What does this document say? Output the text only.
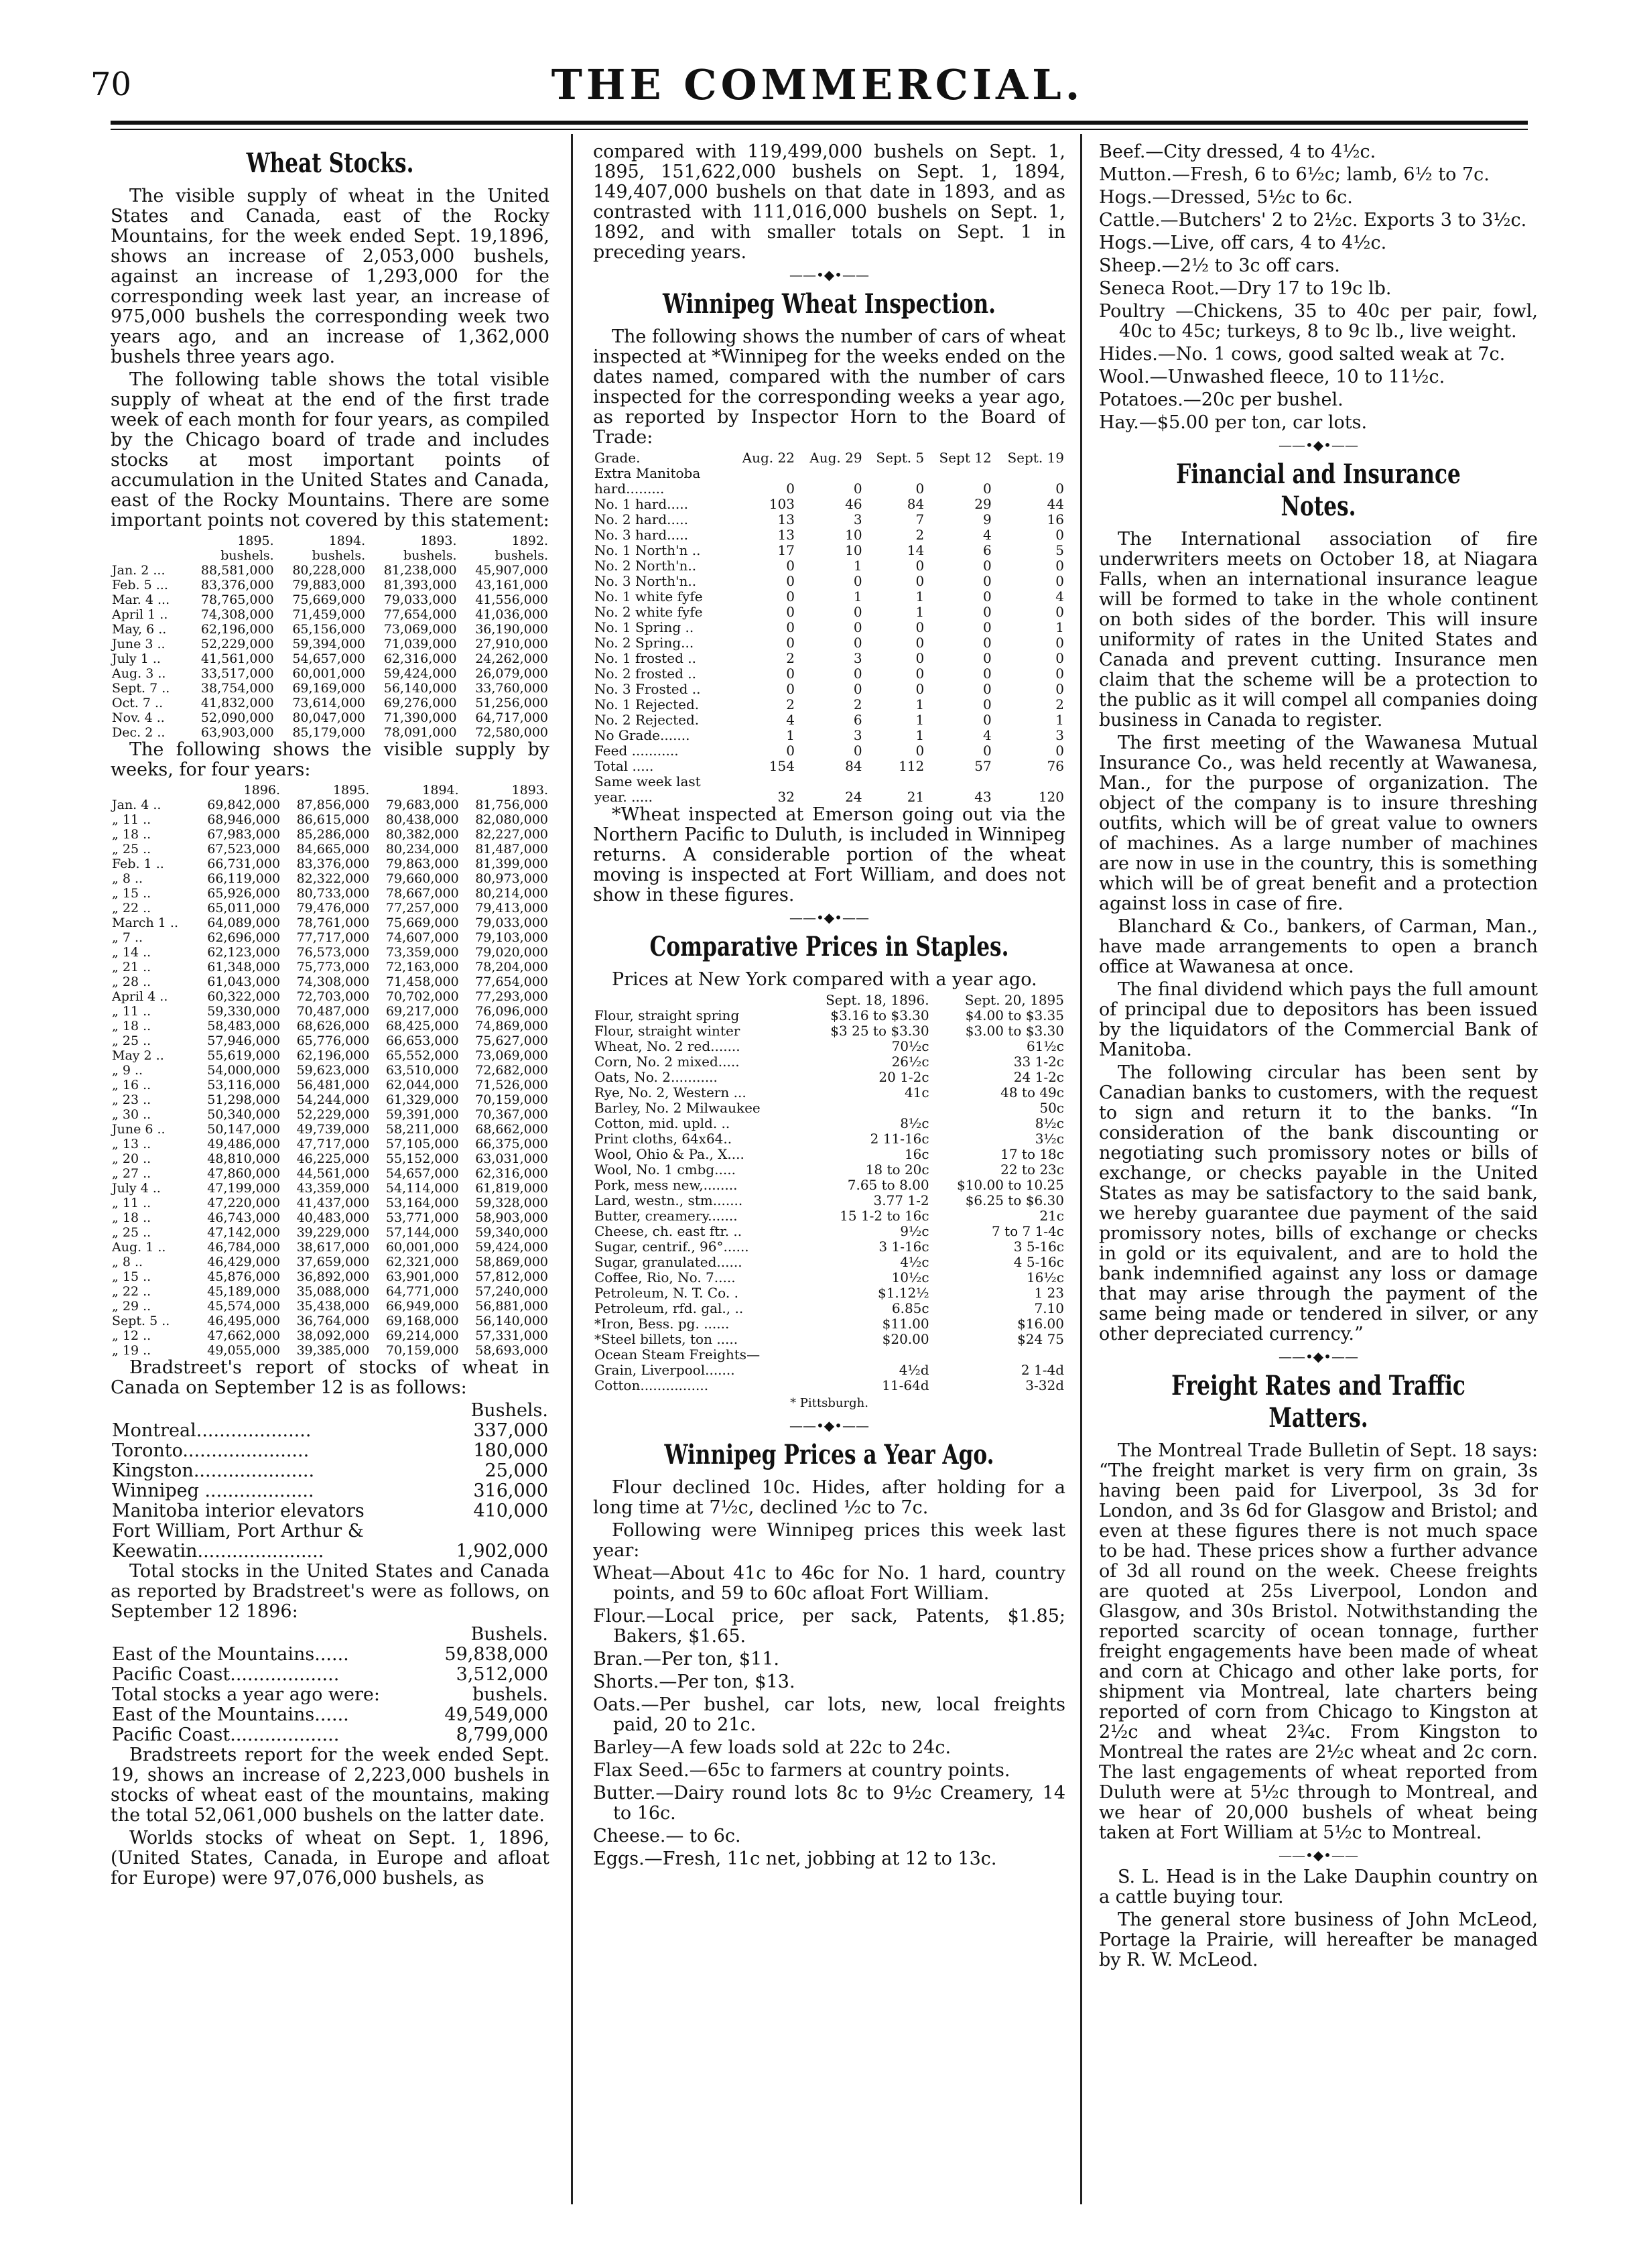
70	THE COMMERCIAL.
Wheat Stocks.

The visible supply of wheat in the United States and Canada, east of the Rocky Mountains, for the week ended Sept. 19,1896, shows an increase of 2,053,000 bushels, against an increase of 1,293,000 for the corresponding week last year, an increase of 975,000 bushels the corresponding week two years ago, and an increase of 1,362,000 bushels three years ago.

The following table shows the total visible supply of wheat at the end of the first trade week of each month for four years, as compiled by the Chicago board of trade and includes stocks at most important points of accumulation in the United States and Canada, east of the Rocky Mountains. There are some important points not covered by this statement:

	1895.	1894.	1893.	1892.
	bushels.	bushels.	bushels.	bushels.
Jan. 2 ...	88,581,000	80,228,000	81,238,000	45,907,000
Feb. 5 ...	83,376,000	79,883,000	81,393,000	43,161,000
Mar. 4 ...	78,765,000	75,669,000	79,033,000	41,556,000
April 1 ..	74,308,000	71,459,000	77,654,000	41,036,000
May, 6 ..	62,196,000	65,156,000	73,069,000	36,190,000
June 3 ..	52,229,000	59,394,000	71,039,000	27,910,000
July 1 ..	41,561,000	54,657,000	62,316,000	24,262,000
Aug. 3 ..	33,517,000	60,001,000	59,424,000	26,079,000
Sept. 7 ..	38,754,000	69,169,000	56,140,000	33,760,000
Oct. 7 ..	41,832,000	73,614,000	69,276,000	51,256,000
Nov. 4 ..	52,090,000	80,047,000	71,390,000	64,717,000
Dec. 2 ..	63,903,000	85,179,000	78,091,000	72,580,000

The following shows the visible supply by weeks, for four years:

	1896.	1895.	1894.	1893.
Jan. 4 ..	69,842,000	87,856,000	79,683,000	81,756,000
„ 11 ..	68,946,000	86,615,000	80,438,000	82,080,000
„ 18 ..	67,983,000	85,286,000	80,382,000	82,227,000
„ 25 ..	67,523,000	84,665,000	80,234,000	81,487,000
Feb. 1 ..	66,731,000	83,376,000	79,863,000	81,399,000
„ 8 ..	66,119,000	82,322,000	79,660,000	80,973,000
„ 15 ..	65,926,000	80,733,000	78,667,000	80,214,000
„ 22 ..	65,011,000	79,476,000	77,257,000	79,413,000
March 1 ..	64,089,000	78,761,000	75,669,000	79,033,000
„ 7 ..	62,696,000	77,717,000	74,607,000	79,103,000
„ 14 ..	62,123,000	76,573,000	73,359,000	79,020,000
„ 21 ..	61,348,000	75,773,000	72,163,000	78,204,000
„ 28 ..	61,043,000	74,308,000	71,458,000	77,654,000
April 4 ..	60,322,000	72,703,000	70,702,000	77,293,000
„ 11 ..	59,330,000	70,487,000	69,217,000	76,096,000
„ 18 ..	58,483,000	68,626,000	68,425,000	74,869,000
„ 25 ..	57,946,000	65,776,000	66,653,000	75,627,000
May 2 ..	55,619,000	62,196,000	65,552,000	73,069,000
„ 9 ..	54,000,000	59,623,000	63,510,000	72,682,000
„ 16 ..	53,116,000	56,481,000	62,044,000	71,526,000
„ 23 ..	51,298,000	54,244,000	61,329,000	70,159,000
„ 30 ..	50,340,000	52,229,000	59,391,000	70,367,000
June 6 ..	50,147,000	49,739,000	58,211,000	68,662,000
„ 13 ..	49,486,000	47,717,000	57,105,000	66,375,000
„ 20 ..	48,810,000	46,225,000	55,152,000	63,031,000
„ 27 ..	47,860,000	44,561,000	54,657,000	62,316,000
July 4 ..	47,199,000	43,359,000	54,114,000	61,819,000
„ 11 ..	47,220,000	41,437,000	53,164,000	59,328,000
„ 18 ..	46,743,000	40,483,000	53,771,000	58,903,000
„ 25 ..	47,142,000	39,229,000	57,144,000	59,340,000
Aug. 1 ..	46,784,000	38,617,000	60,001,000	59,424,000
„ 8 ..	46,429,000	37,659,000	62,321,000	58,869,000
„ 15 ..	45,876,000	36,892,000	63,901,000	57,812,000
„ 22 ..	45,189,000	35,088,000	64,771,000	57,240,000
„ 29 ..	45,574,000	35,438,000	66,949,000	56,881,000
Sept. 5 ..	46,495,000	36,764,000	69,168,000	56,140,000
„ 12 ..	47,662,000	38,092,000	69,214,000	57,331,000
„ 19 ..	49,055,000	39,385,000	70,159,000	58,693,000

Bradstreet's report of stocks of wheat in Canada on September 12 is as follows:

	Bushels.
Montreal....................	337,000
Toronto......................	180,000
Kingston.....................	25,000
Winnipeg ...................	316,000
Manitoba interior elevators	410,000
Fort William, Port Arthur &	
Keewatin......................	1,902,000

Total stocks in the United States and Canada as reported by Bradstreet's were as follows, on September 12 1896:

	Bushels.
East of the Mountains......	59,838,000
Pacific Coast...................	3,512,000
Total stocks a year ago were:	bushels.
East of the Mountains......	49,549,000
Pacific Coast...................	8,799,000

Bradstreets report for the week ended Sept. 19, shows an increase of 2,223,000 bushels in stocks of wheat east of the mountains, making the total 52,061,000 bushels on the latter date.

Worlds stocks of wheat on Sept. 1, 1896, (United States, Canada, in Europe and afloat for Europe) were 97,076,000 bushels, as

compared with 119,499,000 bushels on Sept. 1, 1895, 151,622,000 bushels on Sept. 1, 1894, 149,407,000 bushels on that date in 1893, and as contrasted with 111,016,000 bushels on Sept. 1, 1892, and with smaller totals on Sept. 1 in preceding years.

——•◆•——
Winnipeg Wheat Inspection.

The following shows the number of cars of wheat inspected at *Winnipeg for the weeks ended on the dates named, compared with the number of cars inspected for the corresponding weeks a year ago, as reported by Inspector Horn to the Board of Trade:

Grade.	Aug. 22	Aug. 29	Sept. 5	Sept 12	Sept. 19
Extra Manitoba					
hard.........	0	0	0	0	0
No. 1 hard.....	103	46	84	29	44
No. 2 hard.....	13	3	7	9	16
No. 3 hard.....	13	10	2	4	0
No. 1 North'n ..	17	10	14	6	5
No. 2 North'n..	0	1	0	0	0
No. 3 North'n..	0	0	0	0	0
No. 1 white fyfe	0	1	1	0	4
No. 2 white fyfe	0	0	1	0	0
No. 1 Spring ..	0	0	0	0	1
No. 2 Spring...	0	0	0	0	0
No. 1 frosted ..	2	3	0	0	0
No. 2 frosted ..	0	0	0	0	0
No. 3 Frosted ..	0	0	0	0	0
No. 1 Rejected.	2	2	1	0	2
No. 2 Rejected.	4	6	1	0	1
No Grade.......	1	3	1	4	3
Feed ...........	0	0	0	0	0
Total .....	154	84	112	57	76
Same week last					
year. .....	32	24	21	43	120

*Wheat inspected at Emerson going out via the Northern Pacific to Duluth, is included in Winnipeg returns. A considerable portion of the wheat moving is inspected at Fort William, and does not show in these figures.

——•◆•——
Comparative Prices in Staples.

Prices at New York compared with a year ago.

	Sept. 18, 1896.	Sept. 20, 1895
Flour, straight spring	$3.16 to $3.30	$4.00 to $3.35
Flour, straight winter	$3 25 to $3.30	$3.00 to $3.30
Wheat, No. 2 red.......	70½c	61½c
Corn, No. 2 mixed.....	26½c	33 1-2c
Oats, No. 2...........	20 1-2c	24 1-2c
Rye, No. 2, Western ...	41c	48 to 49c
Barley, No. 2 Milwaukee		50c
Cotton, mid. upld. ..	8½c	8½c
Print cloths, 64x64..	2 11-16c	3½c
Wool, Ohio & Pa., X....	16c	17 to 18c
Wool, No. 1 cmbg.....	18 to 20c	22 to 23c
Pork, mess new,........	7.65 to 8.00	$10.00 to 10.25
Lard, westn., stm.......	3.77 1-2	$6.25 to $6.30
Butter, creamery.......	15 1-2 to 16c	21c
Cheese, ch. east ftr. ..	9½c	7 to 7 1-4c
Sugar, centrif., 96°......	3 1-16c	3 5-16c
Sugar, granulated......	4½c	4 5-16c
Coffee, Rio, No. 7.....	10½c	16½c
Petroleum, N. T. Co. .	$1.12½	1 23
Petroleum, rfd. gal., ..	6.85c	7.10
*Iron, Bess. pg. ......	$11.00	$16.00
*Steel billets, ton .....	$20.00	$24 75
Ocean Steam Freights—		
Grain, Liverpool.......	4½d	2 1-4d
Cotton................	11-64d	3-32d
* Pittsburgh.
——•◆•——
Winnipeg Prices a Year Ago.

Flour declined 10c. Hides, after holding for a long time at 7½c, declined ½c to 7c.

Following were Winnipeg prices this week last year:

Wheat—About 41c to 46c for No. 1 hard, country points, and 59 to 60c afloat Fort William.

Flour.—Local price, per sack, Patents, $1.85; Bakers, $1.65.

Bran.—Per ton, $11.

Shorts.—Per ton, $13.

Oats.—Per bushel, car lots, new, local freights paid, 20 to 21c.

Barley—A few loads sold at 22c to 24c.

Flax Seed.—65c to farmers at country points.

Butter.—Dairy round lots 8c to 9½c Creamery, 14 to 16c.

Cheese.— to 6c.

Eggs.—Fresh, 11c net, jobbing at 12 to 13c.

Beef.—City dressed, 4 to 4½c.

Mutton.—Fresh, 6 to 6½c; lamb, 6½ to 7c.

Hogs.—Dressed, 5½c to 6c.

Cattle.—Butchers' 2 to 2½c. Exports 3 to 3½c.

Hogs.—Live, off cars, 4 to 4½c.

Sheep.—2½ to 3c off cars.

Seneca Root.—Dry 17 to 19c lb.

Poultry —Chickens, 35 to 40c per pair, fowl, 40c to 45c; turkeys, 8 to 9c lb., live weight.

Hides.—No. 1 cows, good salted weak at 7c.

Wool.—Unwashed fleece, 10 to 11½c.

Potatoes.—20c per bushel.

Hay.—$5.00 per ton, car lots.

——•◆•——
Financial and Insurance Notes.

The International association of fire underwriters meets on October 18, at Niagara Falls, when an international insurance league will be formed to take in the whole continent on both sides of the border. This will insure uniformity of rates in the United States and Canada and prevent cutting. Insurance men claim that the scheme will be a protection to the public as it will compel all companies doing business in Canada to register.

The first meeting of the Wawanesa Mutual Insurance Co., was held recently at Wawanesa, Man., for the purpose of organization. The object of the company is to insure threshing outfits, which will be of great value to owners of machines. As a large number of machines are now in use in the country, this is something which will be of great benefit and a protection against loss in case of fire.

Blanchard & Co., bankers, of Carman, Man., have made arrangements to open a branch office at Wawanesa at once.

The final dividend which pays the full amount of principal due to depositors has been issued by the liquidators of the Commercial Bank of Manitoba.

The following circular has been sent by Canadian banks to customers, with the request to sign and return it to the banks. “In consideration of the bank discounting or negotiating such promissory notes or bills of exchange, or checks payable in the United States as may be satisfactory to the said bank, we hereby guarantee due payment of the said promissory notes, bills of exchange or checks in gold or its equivalent, and are to hold the bank indemnified against any loss or damage that may arise through the payment of the same being made or tendered in silver, or any other depreciated currency.”

——•◆•——
Freight Rates and Traffic Matters.

The Montreal Trade Bulletin of Sept. 18 says: “The freight market is very firm on grain, 3s having been paid for Liverpool, 3s 3d for London, and 3s 6d for Glasgow and Bristol; and even at these figures there is not much space to be had. These prices show a further advance of 3d all round on the week. Cheese freights are quoted at 25s Liverpool, London and Glasgow, and 30s Bristol. Notwithstanding the reported scarcity of ocean tonnage, further freight engagements have been made of wheat and corn at Chicago and other lake ports, for shipment via Montreal, late charters being reported of corn from Chicago to Kingston at 2½c and wheat 2¾c. From Kingston to Montreal the rates are 2½c wheat and 2c corn. The last engagements of wheat reported from Duluth were at 5½c through to Montreal, and we hear of 20,000 bushels of wheat being taken at Fort William at 5½c to Montreal.

——•◆•——

S. L. Head is in the Lake Dauphin country on a cattle buying tour.

The general store business of John McLeod, Portage la Prairie, will hereafter be managed by R. W. McLeod.
